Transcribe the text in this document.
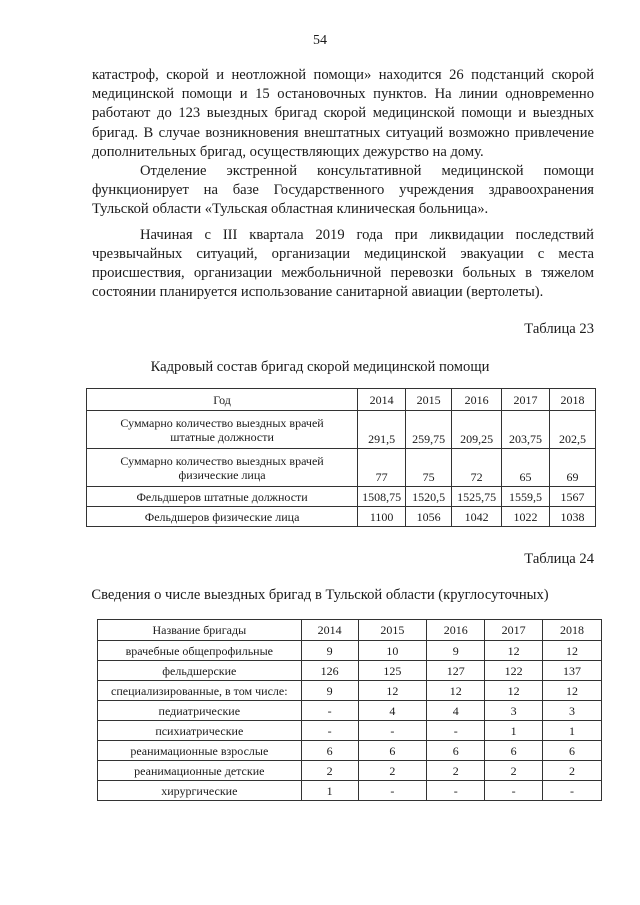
54

катастроф, скорой и неотложной помощи» находится 26 подстанций скорой медицинской помощи и 15 остановочных пунктов. На линии одновременно работают до 123 выездных бригад скорой медицинской помощи и выездных бригад. В случае возникновения внештатных ситуаций возможно привлечение дополнительных бригад, осуществляющих дежурство на дому.

Отделение экстренной консультативной медицинской помощи функционирует на базе Государственного учреждения здравоохранения Тульской области «Тульская областная клиническая больница».

Начиная с III квартала 2019 года при ликвидации последствий чрезвычайных ситуаций, организации медицинской эвакуации с места происшествия, организации межбольничной перевозки больных в тяжелом состоянии планируется использование санитарной авиации (вертолеты).

Таблица 23
Кадровый состав бригад скорой медицинской помощи
Год	2014	2015	2016	2017	2018
Суммарно количество выездных врачей
штатные должности	291,5	259,75	209,25	203,75	202,5
Суммарно количество выездных врачей
физические лица	77	75	72	65	69
Фельдшеров штатные должности	1508,75	1520,5	1525,75	1559,5	1567
Фельдшеров физические лица	1100	1056	1042	1022	1038
Таблица 24
Сведения о числе выездных бригад в Тульской области (круглосуточных)
Название бригады	2014	2015	2016	2017	2018
врачебные общепрофильные	9	10	9	12	12
фельдшерские	126	125	127	122	137
специализированные, в том числе:	9	12	12	12	12
педиатрические	-	4	4	3	3
психиатрические	-	-	-	1	1
реанимационные взрослые	6	6	6	6	6
реанимационные детские	2	2	2	2	2
хирургические	1	-	-	-	-
